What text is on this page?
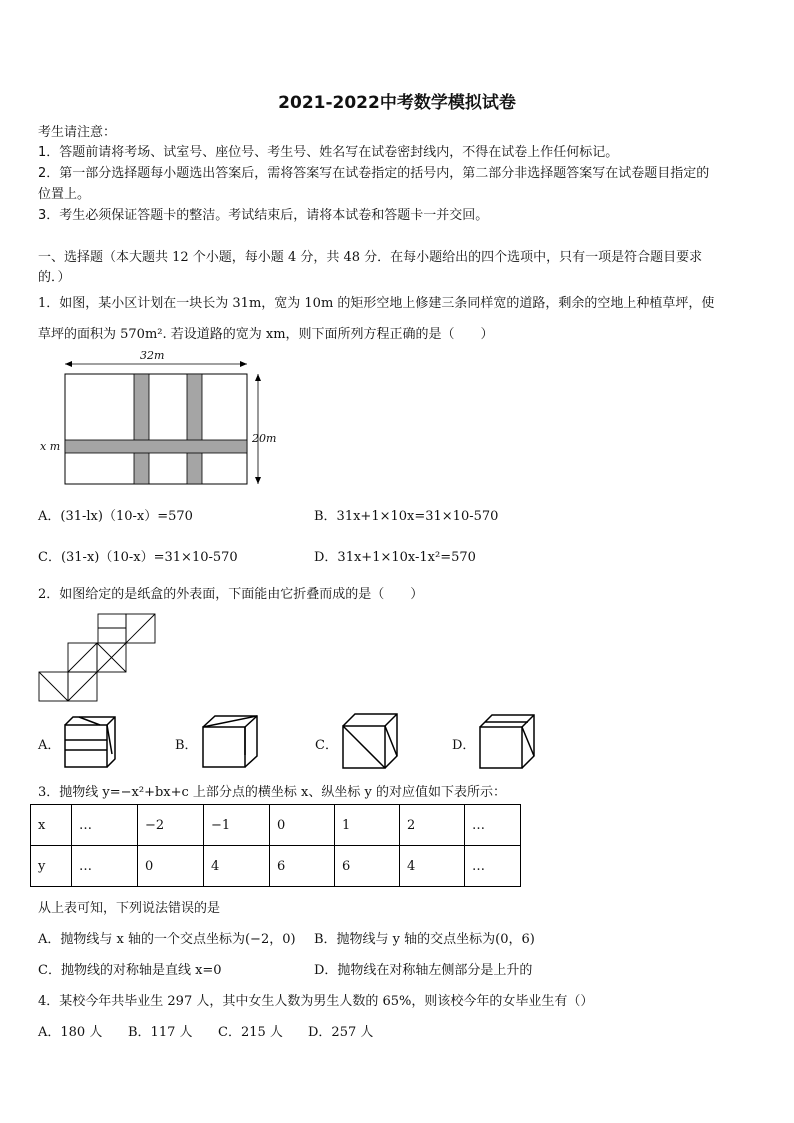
2021-2022中考数学模拟试卷
考生请注意：
1．答题前请将考场、试室号、座位号、考生号、姓名写在试卷密封线内，不得在试卷上作任何标记。
2．第一部分选择题每小题选出答案后，需将答案写在试卷指定的括号内，第二部分非选择题答案写在试卷题目指定的
位置上。
3．考生必须保证答题卡的整洁。考试结束后，请将本试卷和答题卡一并交回。
一、选择题（本大题共 12 个小题，每小题 4 分，共 48 分．在每小题给出的四个选项中，只有一项是符合题目要求
的．）
1．如图，某小区计划在一块长为 31m，宽为 10m 的矩形空地上修建三条同样宽的道路，剩余的空地上种植草坪，使
草坪的面积为 570m². 若设道路的宽为 xm，则下面所列方程正确的是（　　）
32m
20m
x m
A．(31-lx)（10-x）=570	B．31x+1×10x=31×10-570
C．(31-x)（10-x）=31×10-570	D．31x+1×10x-1x²=570
2．如图给定的是纸盒的外表面，下面能由它折叠而成的是（　　）
A．	B．	C．	D．
3．抛物线 y=−x²+bx+c 上部分点的横坐标 x、纵坐标 y 的对应值如下表所示：
x	…	−2	−1	0	1	2	…
y	…	0	4	6	6	4	…
从上表可知，下列说法错误的是
A．抛物线与 x 轴的一个交点坐标为(−2，0) B．抛物线与 y 轴的交点坐标为(0，6)
C．抛物线的对称轴是直线 x=0	D．抛物线在对称轴左侧部分是上升的
4．某校今年共毕业生 297 人，其中女生人数为男生人数的 65%，则该校今年的女毕业生有（）
A．180 人 B．117 人 C．215 人 D．257 人
